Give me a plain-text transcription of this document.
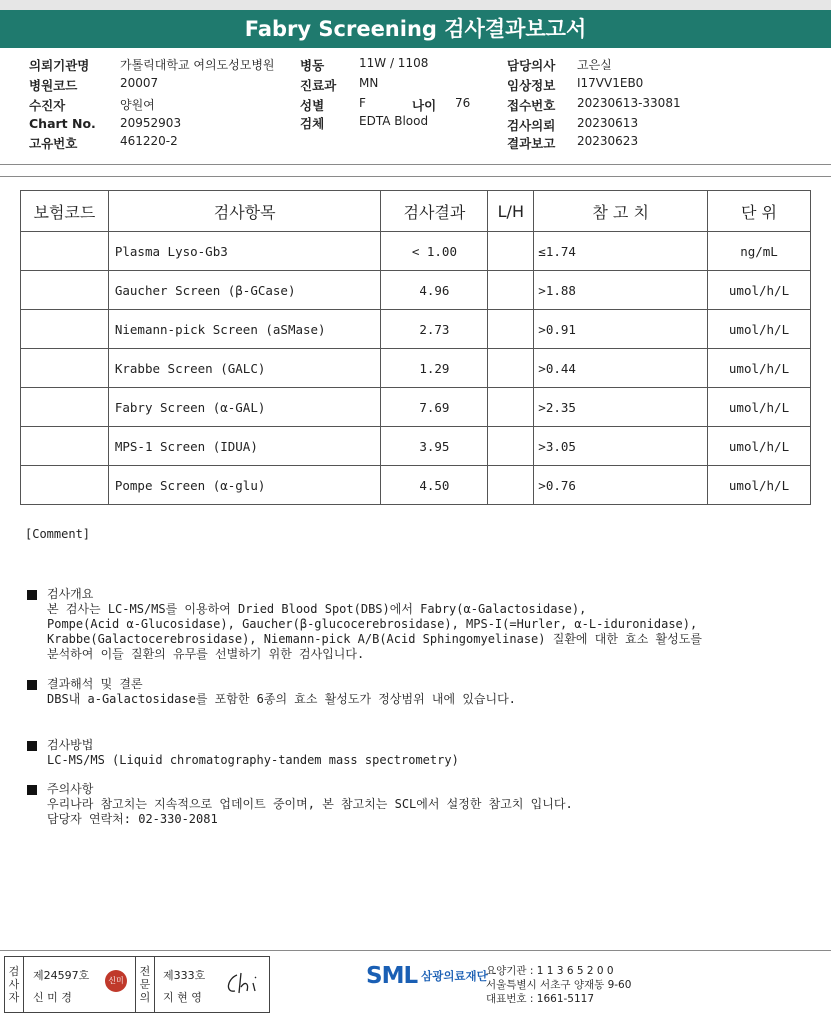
Fabry Screening 검사결과보고서
의뢰기관명	가톨릭대학교 여의도성모병원
병원코드	20007
수진자	양원여
Chart No. 20952903
고유번호	461220-2
병동	11W / 1108
진료과 MN
성별	F	나이 76
검체	EDTA Blood
담당의사 고은실
임상정보 I17VV1EB0
접수번호 20230613-33081
검사의뢰 20230613
결과보고 20230623
보험코드	검사항목	검사결과	L/H	참 고 치	단 위
	Plasma Lyso-Gb3	< 1.00		≤1.74	ng/mL
	Gaucher Screen (β-GCase)	4.96		>1.88	umol/h/L
	Niemann-pick Screen (aSMase)	2.73		>0.91	umol/h/L
	Krabbe Screen (GALC)	1.29		>0.44	umol/h/L
	Fabry Screen (α-GAL)	7.69		>2.35	umol/h/L
	MPS-1 Screen (IDUA)	3.95		>3.05	umol/h/L
	Pompe Screen (α-glu)	4.50		>0.76	umol/h/L
[Comment]
검사개요
본 검사는 LC-MS/MS를 이용하여 Dried Blood Spot(DBS)에서 Fabry(α-Galactosidase),
Pompe(Acid α-Glucosidase), Gaucher(β-glucocerebrosidase), MPS-I(=Hurler, α-L-iduronidase),
Krabbe(Galactocerebrosidase), Niemann-pick A/B(Acid Sphingomyelinase) 질환에 대한 효소 활성도를
분석하여 이들 질환의 유무를 선별하기 위한 검사입니다.
결과해석 및 결론
DBS내 a-Galactosidase를 포함한 6종의 효소 활성도가 정상범위 내에 있습니다.
검사방법
LC-MS/MS (Liquid chromatography-tandem mass spectrometry)
주의사항
우리나라 참고치는 지속적으로 업데이트 중이며, 본 참고치는 SCL에서 설정한 참고치 입니다.
담당자 연락처: 02-330-2081
검사자
제24597호
신 미 경
신미경
전문의
제333호
지 현 영
SML 삼광의료재단
요양기관 : 1 1 3 6 5 2 0 0
서울특별시 서초구 양재동 9-60
대표번호 : 1661-5117
